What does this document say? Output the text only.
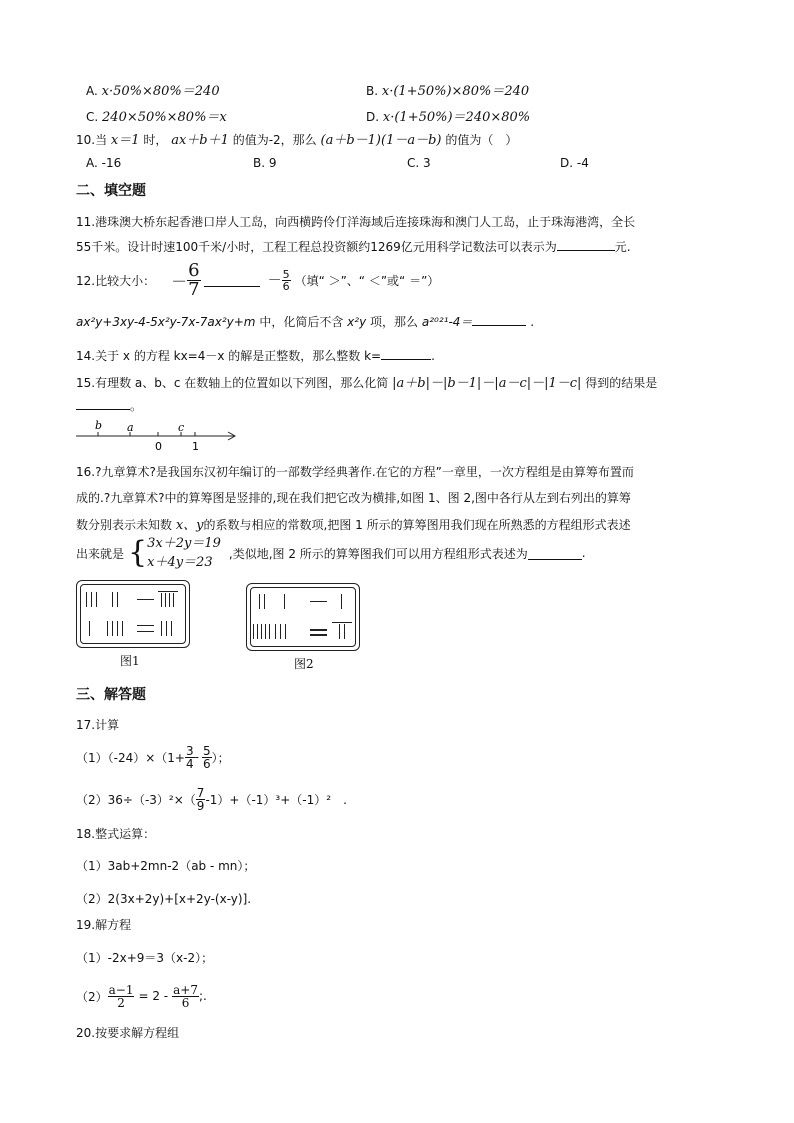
A. x·50%×80%＝240	B. x·(1+50%)×80%＝240
C. 240×50%×80%＝x	D. x·(1+50%)＝240×80%
10.当 x＝1 时， ax＋b＋1 的值为-2，那么 (a＋b－1)(1－a－b) 的值为（　）
A. -16	B. 9	C. 3	D. -4
二、填空题
11.港珠澳大桥东起香港口岸人工岛，向西横跨伶仃洋海域后连接珠海和澳门人工岛，止于珠海港湾，全长
55千米。设计时速100千米/小时，工程工程总投资额约1269亿元用科学记数法可以表示为	元.
12.比较大小： － $\frac{6}{7}$	－ $\frac{5}{6}$ （填“ ＞”、“ ＜”或“ ＝”）
ax²y+3xy-4-5x²y-7x-7ax²y+m 中，化简后不含 x²y 项，那么 a²⁰²¹-4＝	.
14.关于 x 的方程 kx=4－x 的解是正整数，那么整数 k=	.
15.有理数 a、b、c 在数轴上的位置如以下列图，那么化简 |a＋b|－|b－1|－|a－c|－|1－c| 得到的结果是
。
b a
0
c
1
16.?九章算术?是我国东汉初年编订的一部数学经典著作.在它的方程”一章里，一次方程组是由算筹布置而
成的.?九章算术?中的算筹图是竖排的,现在我们把它改为横排,如图 1、图 2,图中各行从左到右列出的算筹
数分别表示未知数 x、y的系数与相应的常数项,把图 1 所示的算筹图用我们现在所熟悉的方程组形式表述
出来就是 { 3x＋2y＝19
x＋4y＝23
,类似地,图 2 所示的算筹图我们可以用方程组形式表述为	.
图1	图2
三、解答题
17.计算
$(1)(-24)\times(1+ \frac{3}{4} - \frac{5}{6}$ ）；
$(2)36\div(-3)^2\times( \frac{7}{9} -1)+(-1)^3+(-1)^2$　.
18.整式运算：
（1）3ab+2mn-2（ab - mn）；
（2）2(3x+2y)+[x+2y-(x-y)].
19.解方程
（1）-2x+9＝3（x-2）；
$(2) \frac{a-1}{2} = 2 - \frac{a+7}{6}$ ;.
20.按要求解方程组
